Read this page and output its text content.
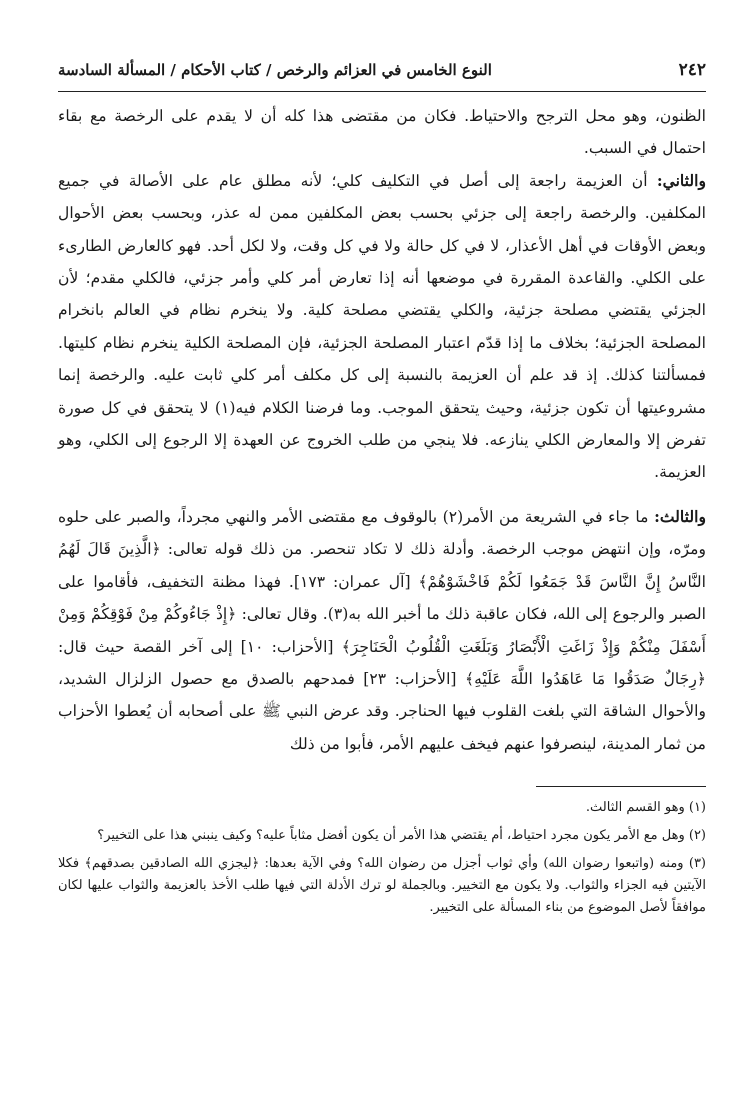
٢٤٢
النوع الخامس في العزائم والرخص / كتاب الأحكام / المسألة السادسة

الظنون، وهو محل الترجح والاحتياط. فكان من مقتضى هذا كله أن لا يقدم على الرخصة مع بقاء احتمال في السبب.

والثاني: أن العزيمة راجعة إلى أصل في التكليف كلي؛ لأنه مطلق عام على الأصالة في جميع المكلفين. والرخصة راجعة إلى جزئي بحسب بعض المكلفين ممن له عذر، وبحسب بعض الأحوال وبعض الأوقات في أهل الأعذار، لا في كل حالة ولا في كل وقت، ولا لكل أحد. فهو كالعارض الطارىء على الكلي. والقاعدة المقررة في موضعها أنه إذا تعارض أمر كلي وأمر جزئي، فالكلي مقدم؛ لأن الجزئي يقتضي مصلحة جزئية، والكلي يقتضي مصلحة كلية. ولا ينخرم نظام في العالم بانخرام المصلحة الجزئية؛ بخلاف ما إذا قدّم اعتبار المصلحة الجزئية، فإن المصلحة الكلية ينخرم نظام كليتها. فمسألتنا كذلك. إذ قد علم أن العزيمة بالنسبة إلى كل مكلف أمر كلي ثابت عليه. والرخصة إنما مشروعيتها أن تكون جزئية، وحيث يتحقق الموجب. وما فرضنا الكلام فيه(١) لا يتحقق في كل صورة تفرض إلا والمعارض الكلي ينازعه. فلا ينجي من طلب الخروج عن العهدة إلا الرجوع إلى الكلي، وهو العزيمة.

والثالث: ما جاء في الشريعة من الأمر(٢) بالوقوف مع مقتضى الأمر والنهي مجرداً، والصبر على حلوه ومرّه، وإن انتهض موجب الرخصة. وأدلة ذلك لا تكاد تنحصر. من ذلك قوله تعالى: ﴿الَّذِينَ قَالَ لَهُمُ النَّاسُ إِنَّ النَّاسَ قَدْ جَمَعُوا لَكُمْ فَاخْشَوْهُمْ﴾ [آل عمران: ١٧٣]. فهذا مظنة التخفيف، فأقاموا على الصبر والرجوع إلى الله، فكان عاقبة ذلك ما أخبر الله به(٣). وقال تعالى: ﴿إِذْ جَاءُوكُمْ مِنْ فَوْقِكُمْ وَمِنْ أَسْفَلَ مِنْكُمْ وَإِذْ زَاغَتِ الْأَبْصَارُ وَبَلَغَتِ الْقُلُوبُ الْحَنَاجِرَ﴾ [الأحزاب: ١٠] إلى آخر القصة حيث قال: ﴿رِجَالٌ صَدَقُوا مَا عَاهَدُوا اللَّهَ عَلَيْهِ﴾ [الأحزاب: ٢٣] فمدحهم بالصدق مع حصول الزلزال الشديد، والأحوال الشاقة التي بلغت القلوب فيها الحناجر. وقد عرض النبي ﷺ على أصحابه أن يُعطوا الأحزاب من ثمار المدينة، لينصرفوا عنهم فيخف عليهم الأمر، فأبوا من ذلك

(١) وهو القسم الثالث.

(٢) وهل مع الأمر يكون مجرد احتياط، أم يقتضي هذا الأمر أن يكون أفضل مثاباً عليه؟ وكيف ينبني هذا على التخيير؟

(٣) ومنه (واتبعوا رضوان الله) وأي ثواب أجزل من رضوان الله؟ وفي الآية بعدها: ﴿ليجزي الله الصادقين بصدقهم﴾ فكلا الآيتين فيه الجزاء والثواب. ولا يكون مع التخيير. وبالجملة لو ترك الأدلة التي فيها طلب الأخذ بالعزيمة والثواب عليها لكان موافقاً لأصل الموضوع من بناء المسألة على التخيير.
